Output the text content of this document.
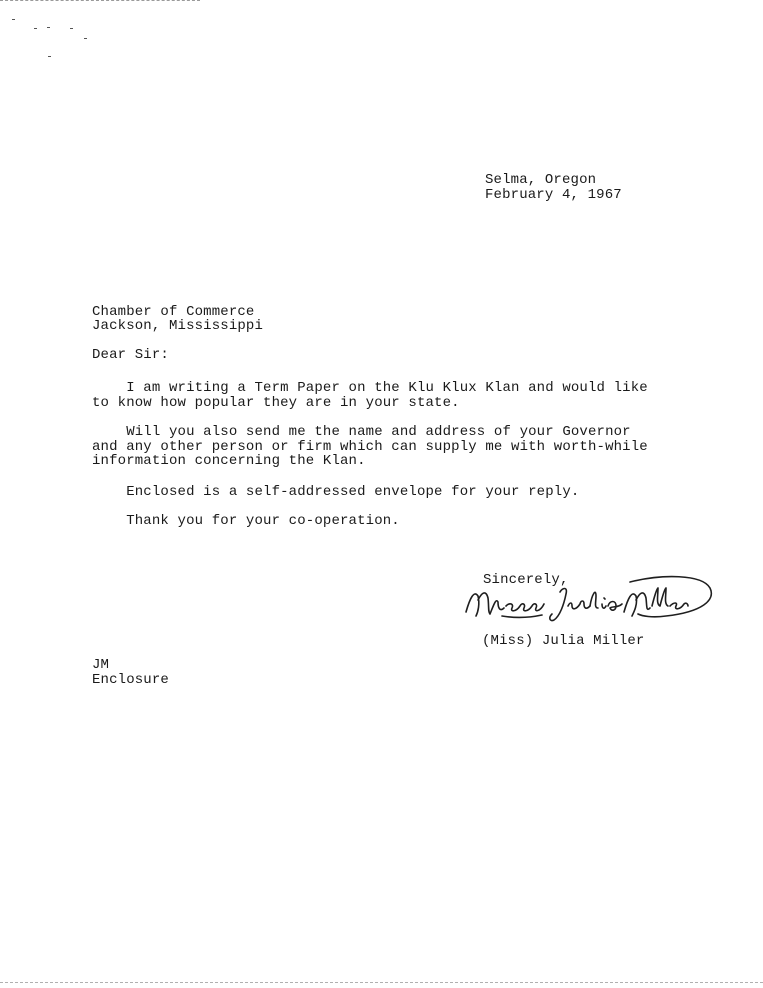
Selma, Oregon
February 4, 1967
Chamber of Commerce
Jackson, Mississippi
Dear Sir:
I am writing a Term Paper on the Klu Klux Klan and would like
to know how popular they are in your state.
Will you also send me the name and address of your Governor
and any other person or firm which can supply me with worth-while
information concerning the Klan.
Enclosed is a self-addressed envelope for your reply.
Thank you for your co-operation.
Sincerely,
(Miss) Julia Miller
JM
Enclosure
